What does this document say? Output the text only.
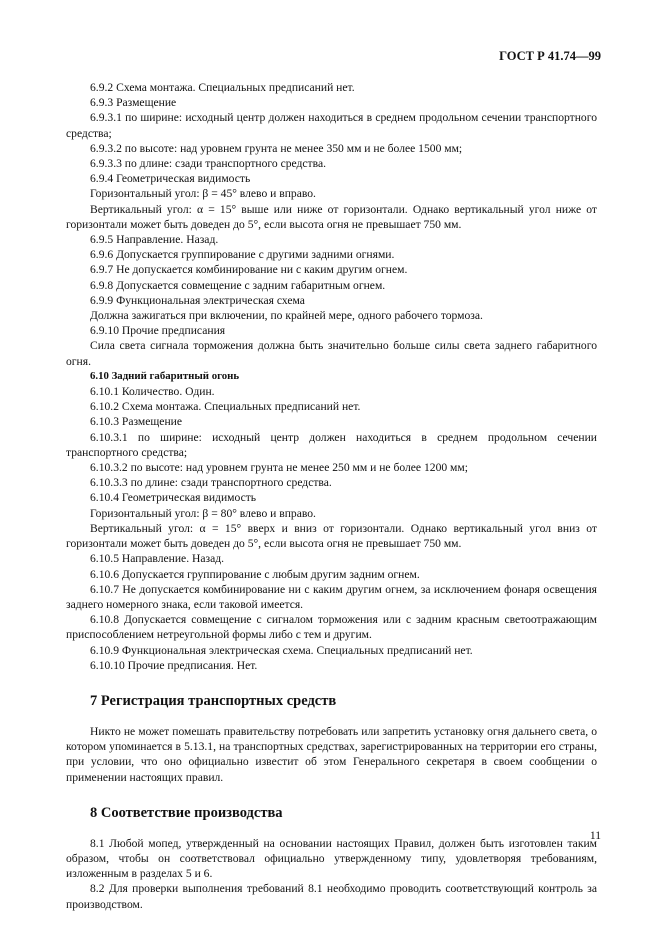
ГОСТ Р 41.74—99

6.9.2 Схема монтажа. Специальных предписаний нет.

6.9.3 Размещение

6.9.3.1 по ширине: исходный центр должен находиться в среднем продольном сечении транспортного средства;

6.9.3.2 по высоте: над уровнем грунта не менее 350 мм и не более 1500 мм;

6.9.3.3 по длине: сзади транспортного средства.

6.9.4 Геометрическая видимость

Горизонтальный угол: β = 45° влево и вправо.

Вертикальный угол: α = 15° выше или ниже от горизонтали. Однако вертикальный угол ниже от горизонтали может быть доведен до 5°, если высота огня не превышает 750 мм.

6.9.5 Направление. Назад.

6.9.6 Допускается группирование с другими задними огнями.

6.9.7 Не допускается комбинирование ни с каким другим огнем.

6.9.8 Допускается совмещение с задним габаритным огнем.

6.9.9 Функциональная электрическая схема

Должна зажигаться при включении, по крайней мере, одного рабочего тормоза.

6.9.10 Прочие предписания

Сила света сигнала торможения должна быть значительно больше силы света заднего габаритного огня.

6.10 Задний габаритный огонь

6.10.1 Количество. Один.

6.10.2 Схема монтажа. Специальных предписаний нет.

6.10.3 Размещение

6.10.3.1 по ширине: исходный центр должен находиться в среднем продольном сечении транспортного средства;

6.10.3.2 по высоте: над уровнем грунта не менее 250 мм и не более 1200 мм;

6.10.3.3 по длине: сзади транспортного средства.

6.10.4 Геометрическая видимость

Горизонтальный угол: β = 80° влево и вправо.

Вертикальный угол: α = 15° вверх и вниз от горизонтали. Однако вертикальный угол вниз от горизонтали может быть доведен до 5°, если высота огня не превышает 750 мм.

6.10.5 Направление. Назад.

6.10.6 Допускается группирование с любым другим задним огнем.

6.10.7 Не допускается комбинирование ни с каким другим огнем, за исключением фонаря освещения заднего номерного знака, если таковой имеется.

6.10.8 Допускается совмещение с сигналом торможения или с задним красным светоотражающим приспособлением нетреугольной формы либо с тем и другим.

6.10.9 Функциональная электрическая схема. Специальных предписаний нет.

6.10.10 Прочие предписания. Нет.

7 Регистрация транспортных средств

Никто не может помешать правительству потребовать или запретить установку огня дальнего света, о котором упоминается в 5.13.1, на транспортных средствах, зарегистрированных на территории его страны, при условии, что оно официально известит об этом Генерального секретаря в своем сообщении о применении настоящих правил.

8 Соответствие производства

8.1 Любой мопед, утвержденный на основании настоящих Правил, должен быть изготовлен таким образом, чтобы он соответствовал официально утвержденному типу, удовлетворяя требованиям, изложенным в разделах 5 и 6.

8.2 Для проверки выполнения требований 8.1 необходимо проводить соответствующий контроль за производством.

11
